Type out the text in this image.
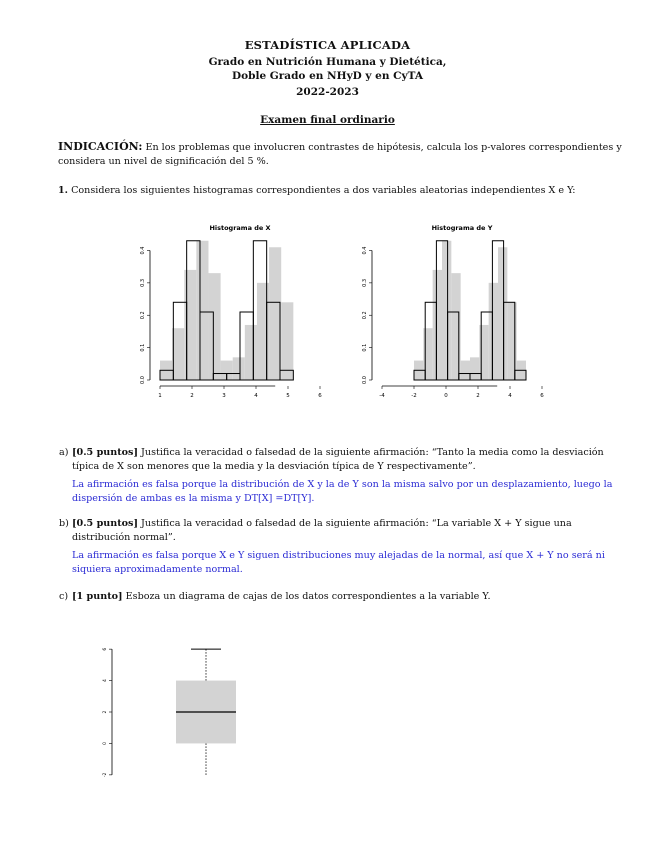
ESTADÍSTICA APLICADA
Grado en Nutrición Humana y Dietética,
Doble Grado en NHyD y en CyTA
2022-2023
Examen final ordinario
INDICACIÓN: En los problemas que involucren contrastes de hipótesis, calcula los p-valores correspondientes y considera un nivel de significación del 5 %.
1. Considera los siguientes histogramas correspondientes a dos variables aleatorias independientes X e Y:
Histograma de X
1	2	3	4	5	6
0.0
0.1
0.2
0.3
0.4
Histograma de Y
-4	-2	0	2	4	6
0.0
0.1
0.2
0.3
0.4
a) [0.5 puntos] Justifica la veracidad o falsedad de la siguiente afirmación: “Tanto la media como la desviación típica de X son menores que la media y la desviación típica de Y respectivamente”.
La afirmación es falsa porque la distribución de X y la de Y son la misma salvo por un desplazamiento, luego la dispersión de ambas es la misma y DT[X] =DT[Y].
b) [0.5 puntos] Justifica la veracidad o falsedad de la siguiente afirmación: “La variable X + Y sigue una distribución normal”.
La afirmación es falsa porque X e Y siguen distribuciones muy alejadas de la normal, así que X + Y no será ni siquiera aproximadamente normal.
c) [1 punto] Esboza un diagrama de cajas de los datos correspondientes a la variable Y.
-2
0
2
4
6
